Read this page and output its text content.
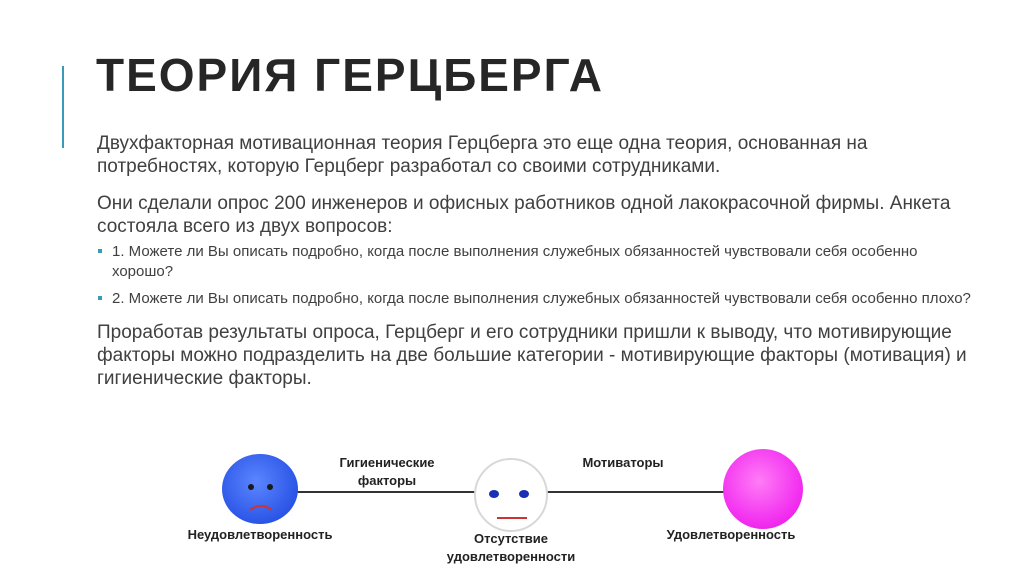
ТЕОРИЯ ГЕРЦБЕРГА

Двухфакторная мотивационная теория Герцберга это еще одна теория, основанная на потребностях, которую Герцберг разработал со своими сотрудниками.

Они сделали опрос 200 инженеров и офисных работников одной лакокрасочной фирмы. Анкета состояла всего из двух вопросов:

1. Можете ли Вы описать подробно, когда после выполнения служебных обязанностей чувствовали себя особенно хорошо?
2. Можете ли Вы описать подробно, когда после выполнения служебных обязанностей чувствовали себя особенно плохо?

Проработав результаты опроса, Герцберг и его сотрудники пришли к выводу, что мотивирующие факторы можно подразделить на две большие категории - мотивирующие факторы (мотивация) и гигиенические факторы.

Гигиенические
факторы
Мотиваторы
Неудовлетворенность	Отсутствие
удовлетворенности
Удовлетворенность
